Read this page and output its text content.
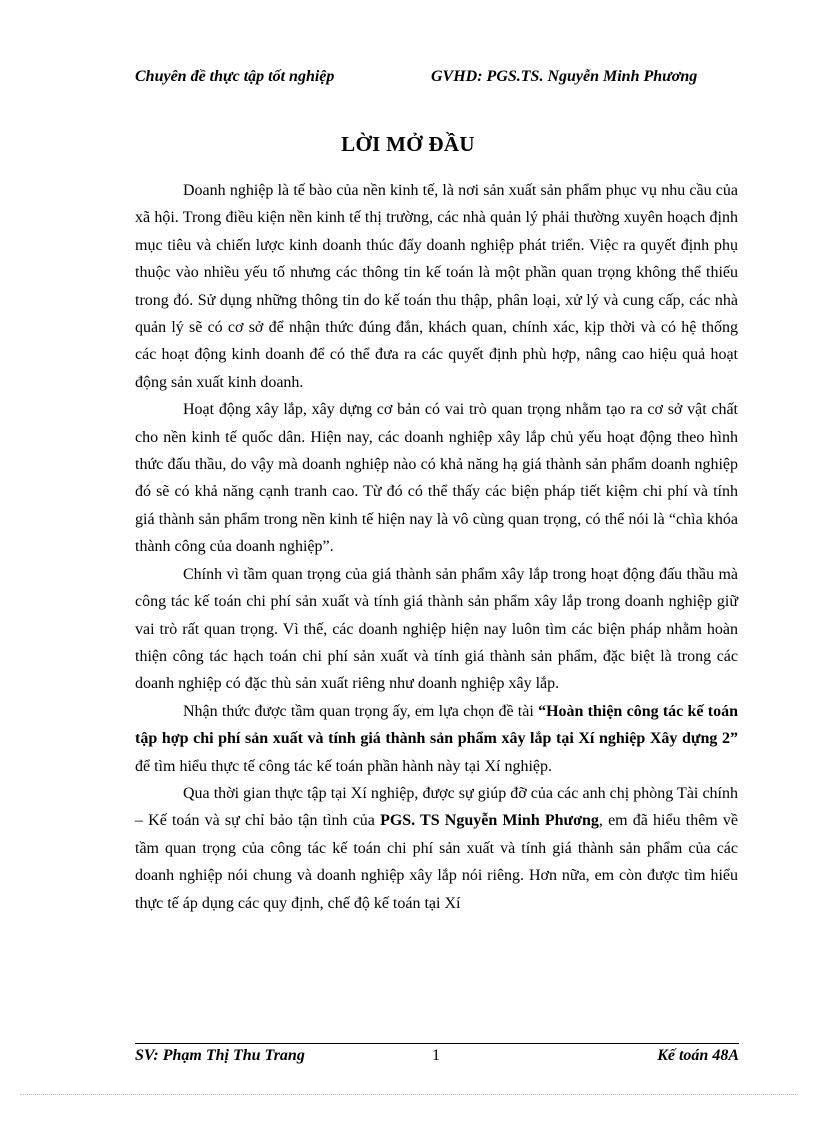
Chuyên đề thực tập tốt nghiệp	GVHD: PGS.TS. Nguyễn Minh Phương
LỜI MỞ ĐẦU

Doanh nghiệp là tế bào của nền kinh tế, là nơi sản xuất sản phẩm phục vụ nhu cầu của xã hội. Trong điều kiện nền kinh tế thị trường, các nhà quản lý phải thường xuyên hoạch định mục tiêu và chiến lược kinh doanh thúc đẩy doanh nghiệp phát triển. Việc ra quyết định phụ thuộc vào nhiều yếu tố nhưng các thông tin kế toán là một phần quan trọng không thể thiếu trong đó. Sử dụng những thông tin do kế toán thu thập, phân loại, xử lý và cung cấp, các nhà quản lý sẽ có cơ sở để nhận thức đúng đắn, khách quan, chính xác, kịp thời và có hệ thống các hoạt động kinh doanh để có thể đưa ra các quyết định phù hợp, nâng cao hiệu quả hoạt động sản xuất kinh doanh.

Hoạt động xây lắp, xây dựng cơ bản có vai trò quan trọng nhằm tạo ra cơ sở vật chất cho nền kinh tế quốc dân. Hiện nay, các doanh nghiệp xây lắp chủ yếu hoạt động theo hình thức đấu thầu, do vậy mà doanh nghiệp nào có khả năng hạ giá thành sản phẩm doanh nghiệp đó sẽ có khả năng cạnh tranh cao. Từ đó có thể thấy các biện pháp tiết kiệm chi phí và tính giá thành sản phẩm trong nền kinh tế hiện nay là vô cùng quan trọng, có thể nói là “chìa khóa thành công của doanh nghiệp”.

Chính vì tầm quan trọng của giá thành sản phẩm xây lắp trong hoạt động đấu thầu mà công tác kế toán chi phí sản xuất và tính giá thành sản phẩm xây lắp trong doanh nghiệp giữ vai trò rất quan trọng. Vì thế, các doanh nghiệp hiện nay luôn tìm các biện pháp nhằm hoàn thiện công tác hạch toán chi phí sản xuất và tính giá thành sản phẩm, đặc biệt là trong các doanh nghiệp có đặc thù sản xuất riêng như doanh nghiệp xây lắp.

Nhận thức được tầm quan trọng ấy, em lựa chọn đề tài “Hoàn thiện công tác kế toán tập hợp chi phí sản xuất và tính giá thành sản phẩm xây lắp tại Xí nghiệp Xây dựng 2” để tìm hiểu thực tế công tác kế toán phần hành này tại Xí nghiệp.

Qua thời gian thực tập tại Xí nghiệp, được sự giúp đỡ của các anh chị phòng Tài chính – Kế toán và sự chỉ bảo tận tình của PGS. TS Nguyễn Minh Phương, em đã hiểu thêm về tầm quan trọng của công tác kế toán chi phí sản xuất và tính giá thành sản phẩm của các doanh nghiệp nói chung và doanh nghiệp xây lắp nói riêng. Hơn nữa, em còn được tìm hiểu thực tế áp dụng các quy định, chế độ kế toán tại Xí

SV: Phạm Thị Thu Trang	1	Kế toán 48A
